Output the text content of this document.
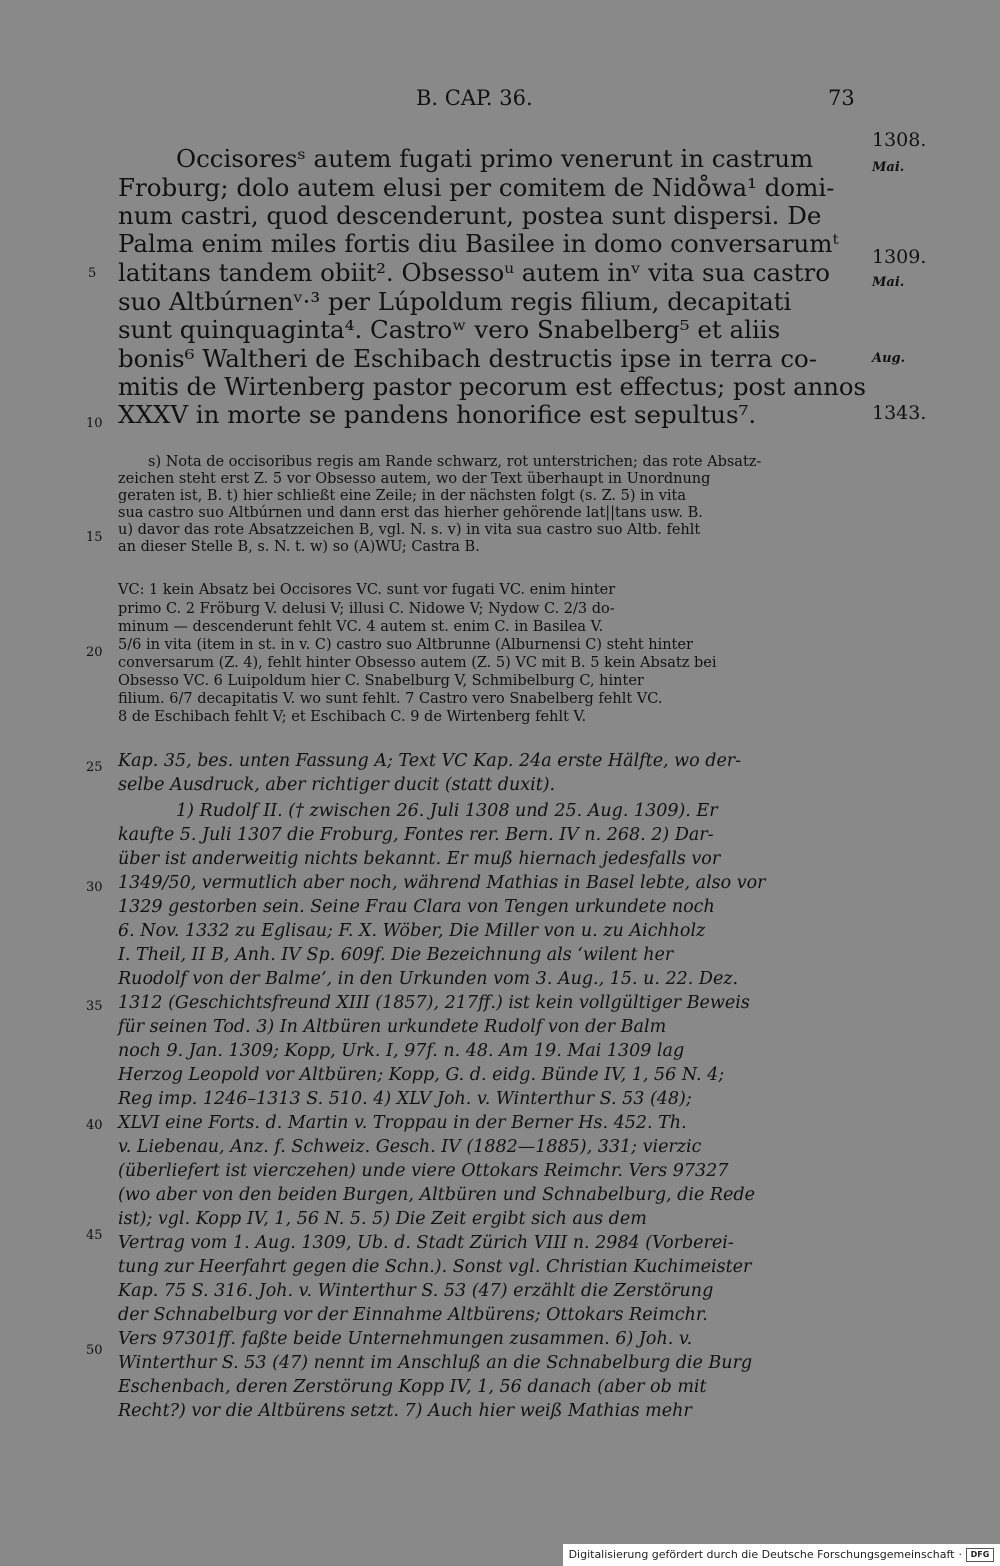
B. CAP. 36.	73
Occisoresˢ autem fugati primo venerunt in castrum
Froburg; dolo autem elusi per comitem de Nido̊wa¹ domi-
num castri, quod descenderunt, postea sunt dispersi. De
Palma enim miles fortis diu Basilee in domo conversarumᵗ
latitans tandem obiit². Obsessoᵘ autem inᵛ vita sua castro
suo Altbúrnenᵛ·³ per Lúpoldum regis filium, decapitati
sunt quinquaginta⁴. Castroʷ vero Snabelberg⁵ et aliis
bonis⁶ Waltheri de Eschibach destructis ipse in terra co-
mitis de Wirtenberg pastor pecorum est effectus; post annos
XXXV in morte se pandens honorifice est sepultus⁷.
1308.
Mai.
1309.
Mai.
Aug.
1343.
5
10
15
20
25
30
35
40
45
50
s) Nota de occisoribus regis am Rande schwarz, rot unterstrichen; das rote Absatz-
zeichen steht erst Z. 5 vor Obsesso autem, wo der Text überhaupt in Unordnung
geraten ist, B. t) hier schließt eine Zeile; in der nächsten folgt (s. Z. 5) in vita
sua castro suo Altbúrnen und dann erst das hierher gehörende lat||tans usw. B.
u) davor das rote Absatzzeichen B, vgl. N. s. v) in vita sua castro suo Altb. fehlt
an dieser Stelle B, s. N. t. w) so (A)WU; Castra B.
VC: 1 kein Absatz bei Occisores VC. sunt vor fugati VC. enim hinter
primo C. 2 Fröburg V. delusi V; illusi C. Nidowe V; Nydow C. 2/3 do-
minum — descenderunt fehlt VC. 4 autem st. enim C. in Basilea V.
5/6 in vita (item in st. in v. C) castro suo Altbrunne (Alburnensi C) steht hinter
conversarum (Z. 4), fehlt hinter Obsesso autem (Z. 5) VC mit B. 5 kein Absatz bei
Obsesso VC. 6 Luipoldum hier C. Snabelburg V, Schmibelburg C, hinter
filium. 6/7 decapitatis V. wo sunt fehlt. 7 Castro vero Snabelberg fehlt VC.
8 de Eschibach fehlt V; et Eschibach C. 9 de Wirtenberg fehlt V.
Kap. 35, bes. unten Fassung A; Text VC Kap. 24a erste Hälfte, wo der-
selbe Ausdruck, aber richtiger ducit (statt duxit).
1) Rudolf II. († zwischen 26. Juli 1308 und 25. Aug. 1309). Er
kaufte 5. Juli 1307 die Froburg, Fontes rer. Bern. IV n. 268. 2) Dar-
über ist anderweitig nichts bekannt. Er muß hiernach jedesfalls vor
1349/50, vermutlich aber noch, während Mathias in Basel lebte, also vor
1329 gestorben sein. Seine Frau Clara von Tengen urkundete noch
6. Nov. 1332 zu Eglisau; F. X. Wöber, Die Miller von u. zu Aichholz
I. Theil, II B, Anh. IV Sp. 609f. Die Bezeichnung als ‘wilent her
Ruodolf von der Balme’, in den Urkunden vom 3. Aug., 15. u. 22. Dez.
1312 (Geschichtsfreund XIII (1857), 217ff.) ist kein vollgültiger Beweis
für seinen Tod. 3) In Altbüren urkundete Rudolf von der Balm
noch 9. Jan. 1309; Kopp, Urk. I, 97f. n. 48. Am 19. Mai 1309 lag
Herzog Leopold vor Altbüren; Kopp, G. d. eidg. Bünde IV, 1, 56 N. 4;
Reg imp. 1246–1313 S. 510. 4) XLV Joh. v. Winterthur S. 53 (48);
XLVI eine Forts. d. Martin v. Troppau in der Berner Hs. 452. Th.
v. Liebenau, Anz. f. Schweiz. Gesch. IV (1882—1885), 331; vierzic
(überliefert ist vierczehen) unde viere Ottokars Reimchr. Vers 97327
(wo aber von den beiden Burgen, Altbüren und Schnabelburg, die Rede
ist); vgl. Kopp IV, 1, 56 N. 5. 5) Die Zeit ergibt sich aus dem
Vertrag vom 1. Aug. 1309, Ub. d. Stadt Zürich VIII n. 2984 (Vorberei-
tung zur Heerfahrt gegen die Schn.). Sonst vgl. Christian Kuchimeister
Kap. 75 S. 316. Joh. v. Winterthur S. 53 (47) erzählt die Zerstörung
der Schnabelburg vor der Einnahme Altbürens; Ottokars Reimchr.
Vers 97301ff. faßte beide Unternehmungen zusammen. 6) Joh. v.
Winterthur S. 53 (47) nennt im Anschluß an die Schnabelburg die Burg
Eschenbach, deren Zerstörung Kopp IV, 1, 56 danach (aber ob mit
Recht?) vor die Altbürens setzt. 7) Auch hier weiß Mathias mehr
Digitalisierung gefördert durch die Deutsche Forschungsgemeinschaft ·	DFG
